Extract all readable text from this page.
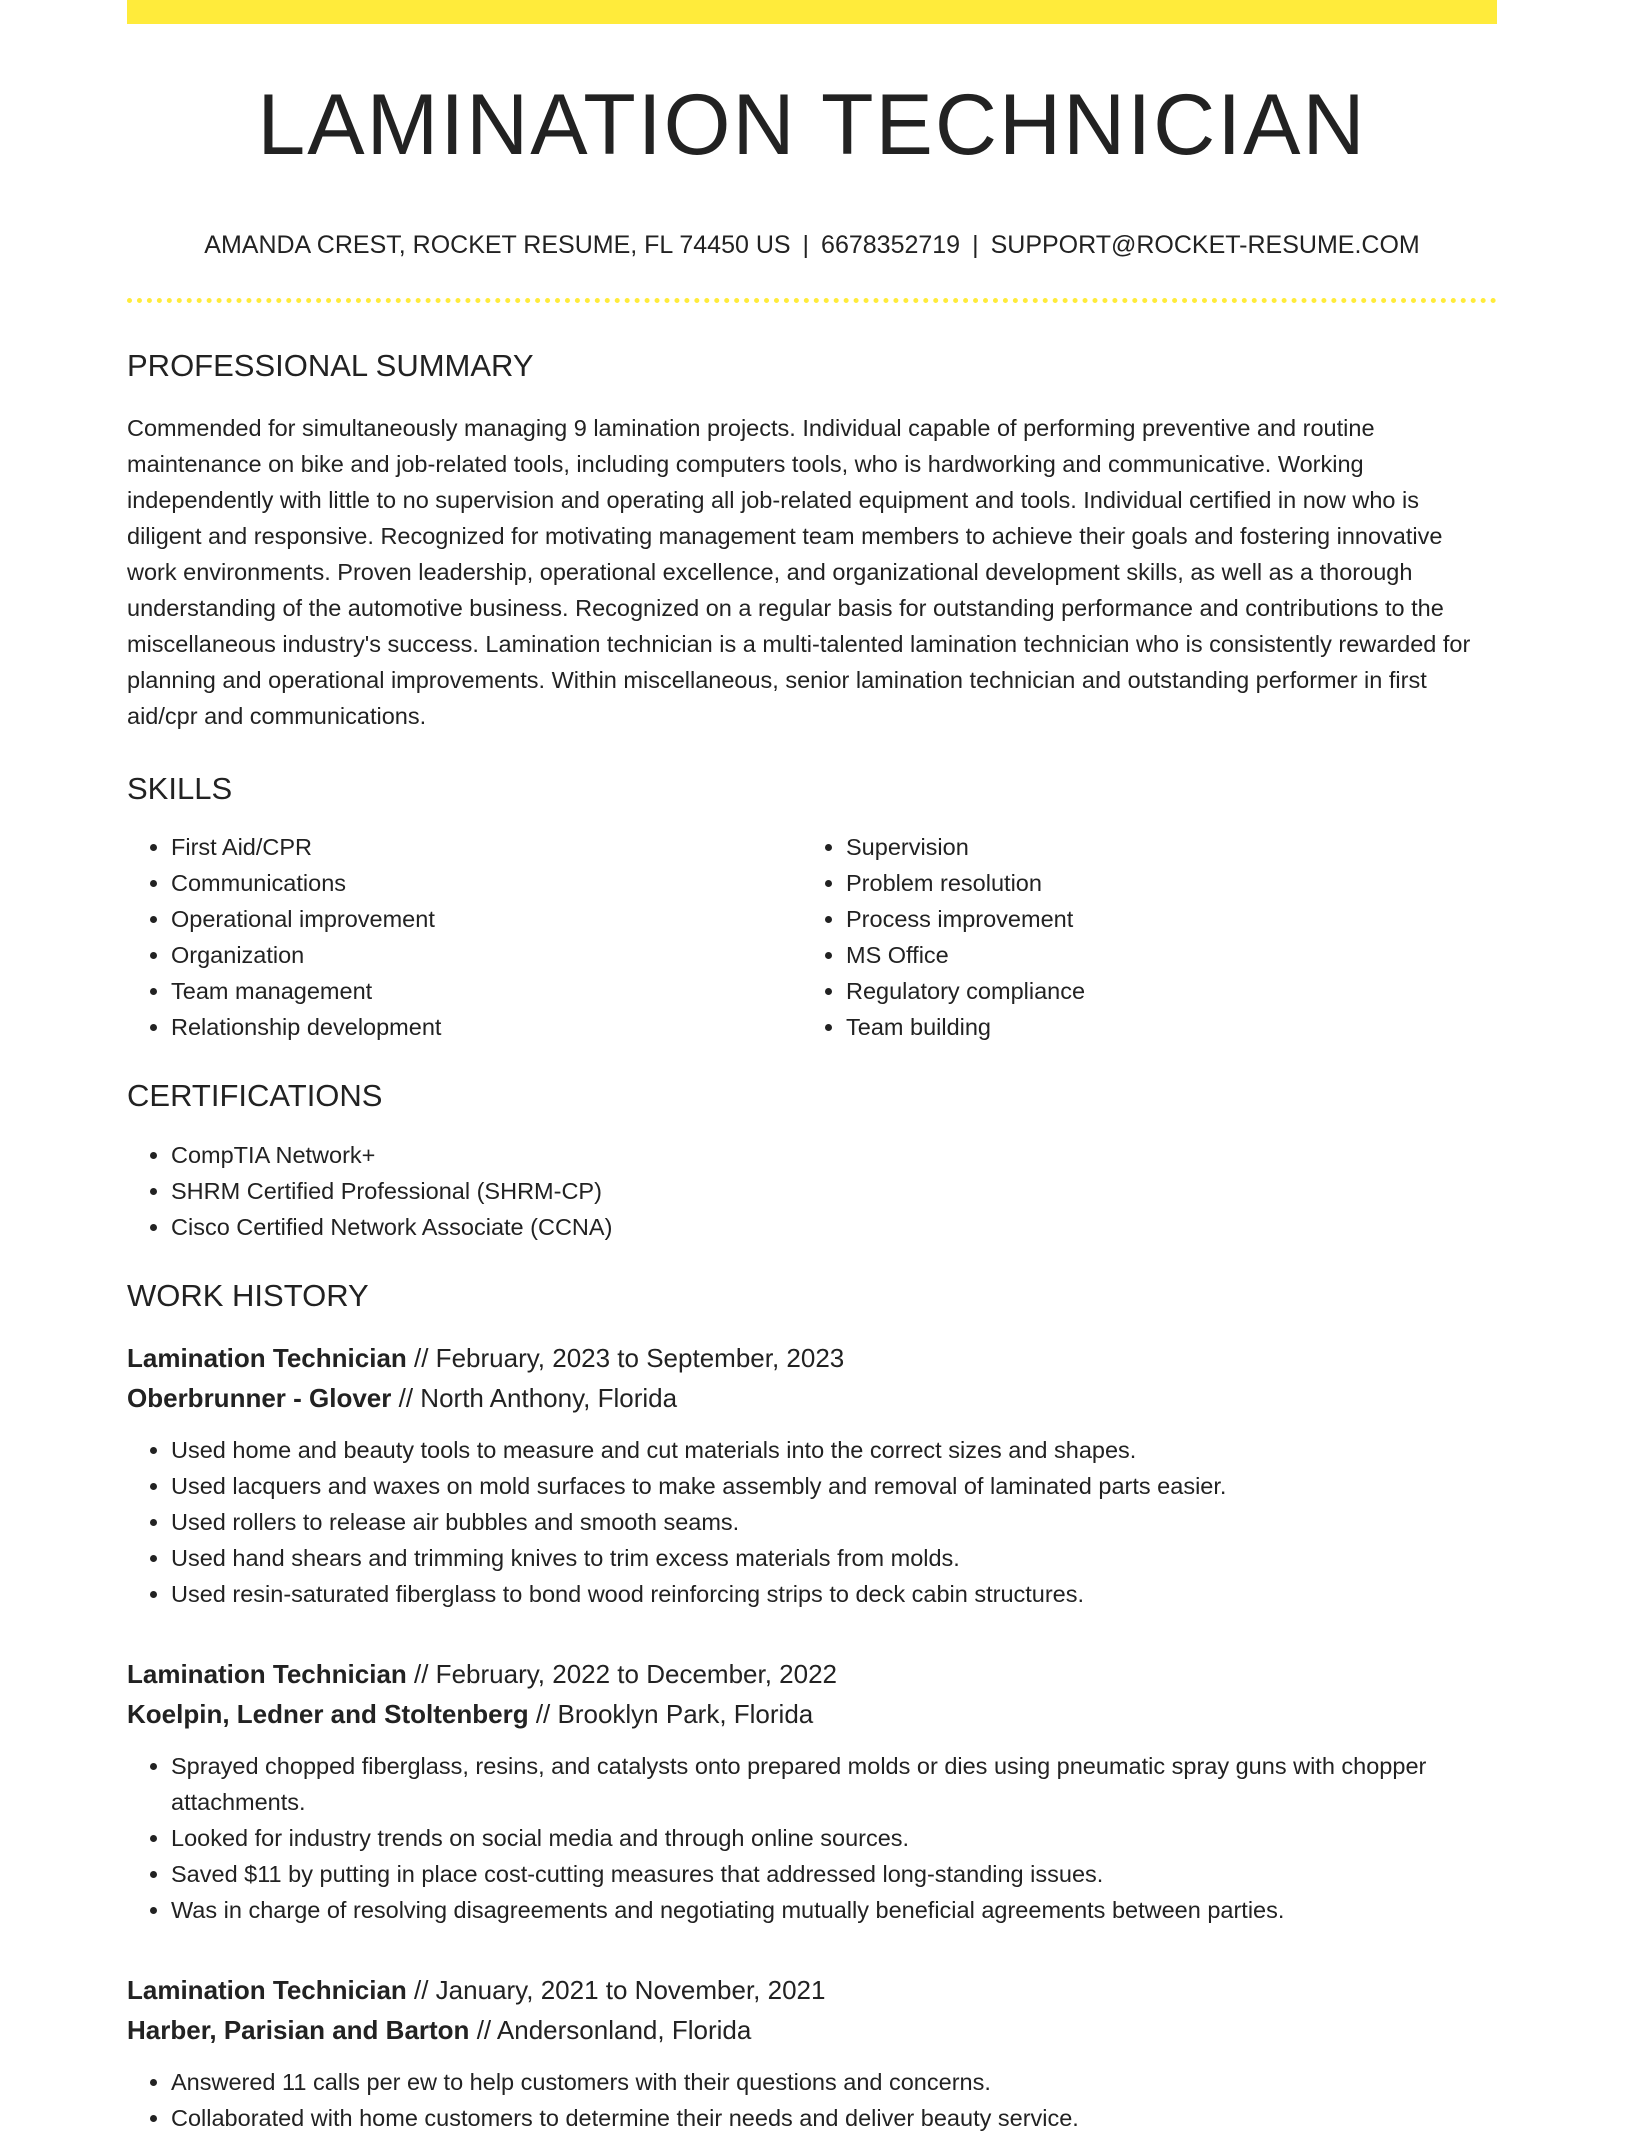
LAMINATION TECHNICIAN
AMANDA CREST, ROCKET RESUME, FL 74450 US | 6678352719 | SUPPORT@ROCKET-RESUME.COM
PROFESSIONAL SUMMARY

Commended for simultaneously managing 9 lamination projects. Individual capable of performing preventive and routine maintenance on bike and job-related tools, including computers tools, who is hardworking and communicative. Working independently with little to no supervision and operating all job-related equipment and tools. Individual certified in now who is diligent and responsive. Recognized for motivating management team members to achieve their goals and fostering innovative work environments. Proven leadership, operational excellence, and organizational development skills, as well as a thorough understanding of the automotive business. Recognized on a regular basis for outstanding performance and contributions to the miscellaneous industry's success. Lamination technician is a multi-talented lamination technician who is consistently rewarded for planning and operational improvements. Within miscellaneous, senior lamination technician and outstanding performer in first aid/cpr and communications.

SKILLS
• First Aid/CPR
• Communications
• Operational improvement
• Organization
• Team management
• Relationship development
• Supervision
• Problem resolution
• Process improvement
• MS Office
• Regulatory compliance
• Team building
CERTIFICATIONS
• CompTIA Network+
• SHRM Certified Professional (SHRM-CP)
• Cisco Certified Network Associate (CCNA)
WORK HISTORY
Lamination Technician // February, 2023 to September, 2023
Oberbrunner - Glover // North Anthony, Florida
• Used home and beauty tools to measure and cut materials into the correct sizes and shapes.
• Used lacquers and waxes on mold surfaces to make assembly and removal of laminated parts easier.
• Used rollers to release air bubbles and smooth seams.
• Used hand shears and trimming knives to trim excess materials from molds.
• Used resin-saturated fiberglass to bond wood reinforcing strips to deck cabin structures.
Lamination Technician // February, 2022 to December, 2022
Koelpin, Ledner and Stoltenberg // Brooklyn Park, Florida
• Sprayed chopped fiberglass, resins, and catalysts onto prepared molds or dies using pneumatic spray guns with chopper attachments.
• Looked for industry trends on social media and through online sources.
• Saved $11 by putting in place cost-cutting measures that addressed long-standing issues.
• Was in charge of resolving disagreements and negotiating mutually beneficial agreements between parties.
Lamination Technician // January, 2021 to November, 2021
Harber, Parisian and Barton // Andersonland, Florida
• Answered 11 calls per ew to help customers with their questions and concerns.
• Collaborated with home customers to determine their needs and deliver beauty service.
